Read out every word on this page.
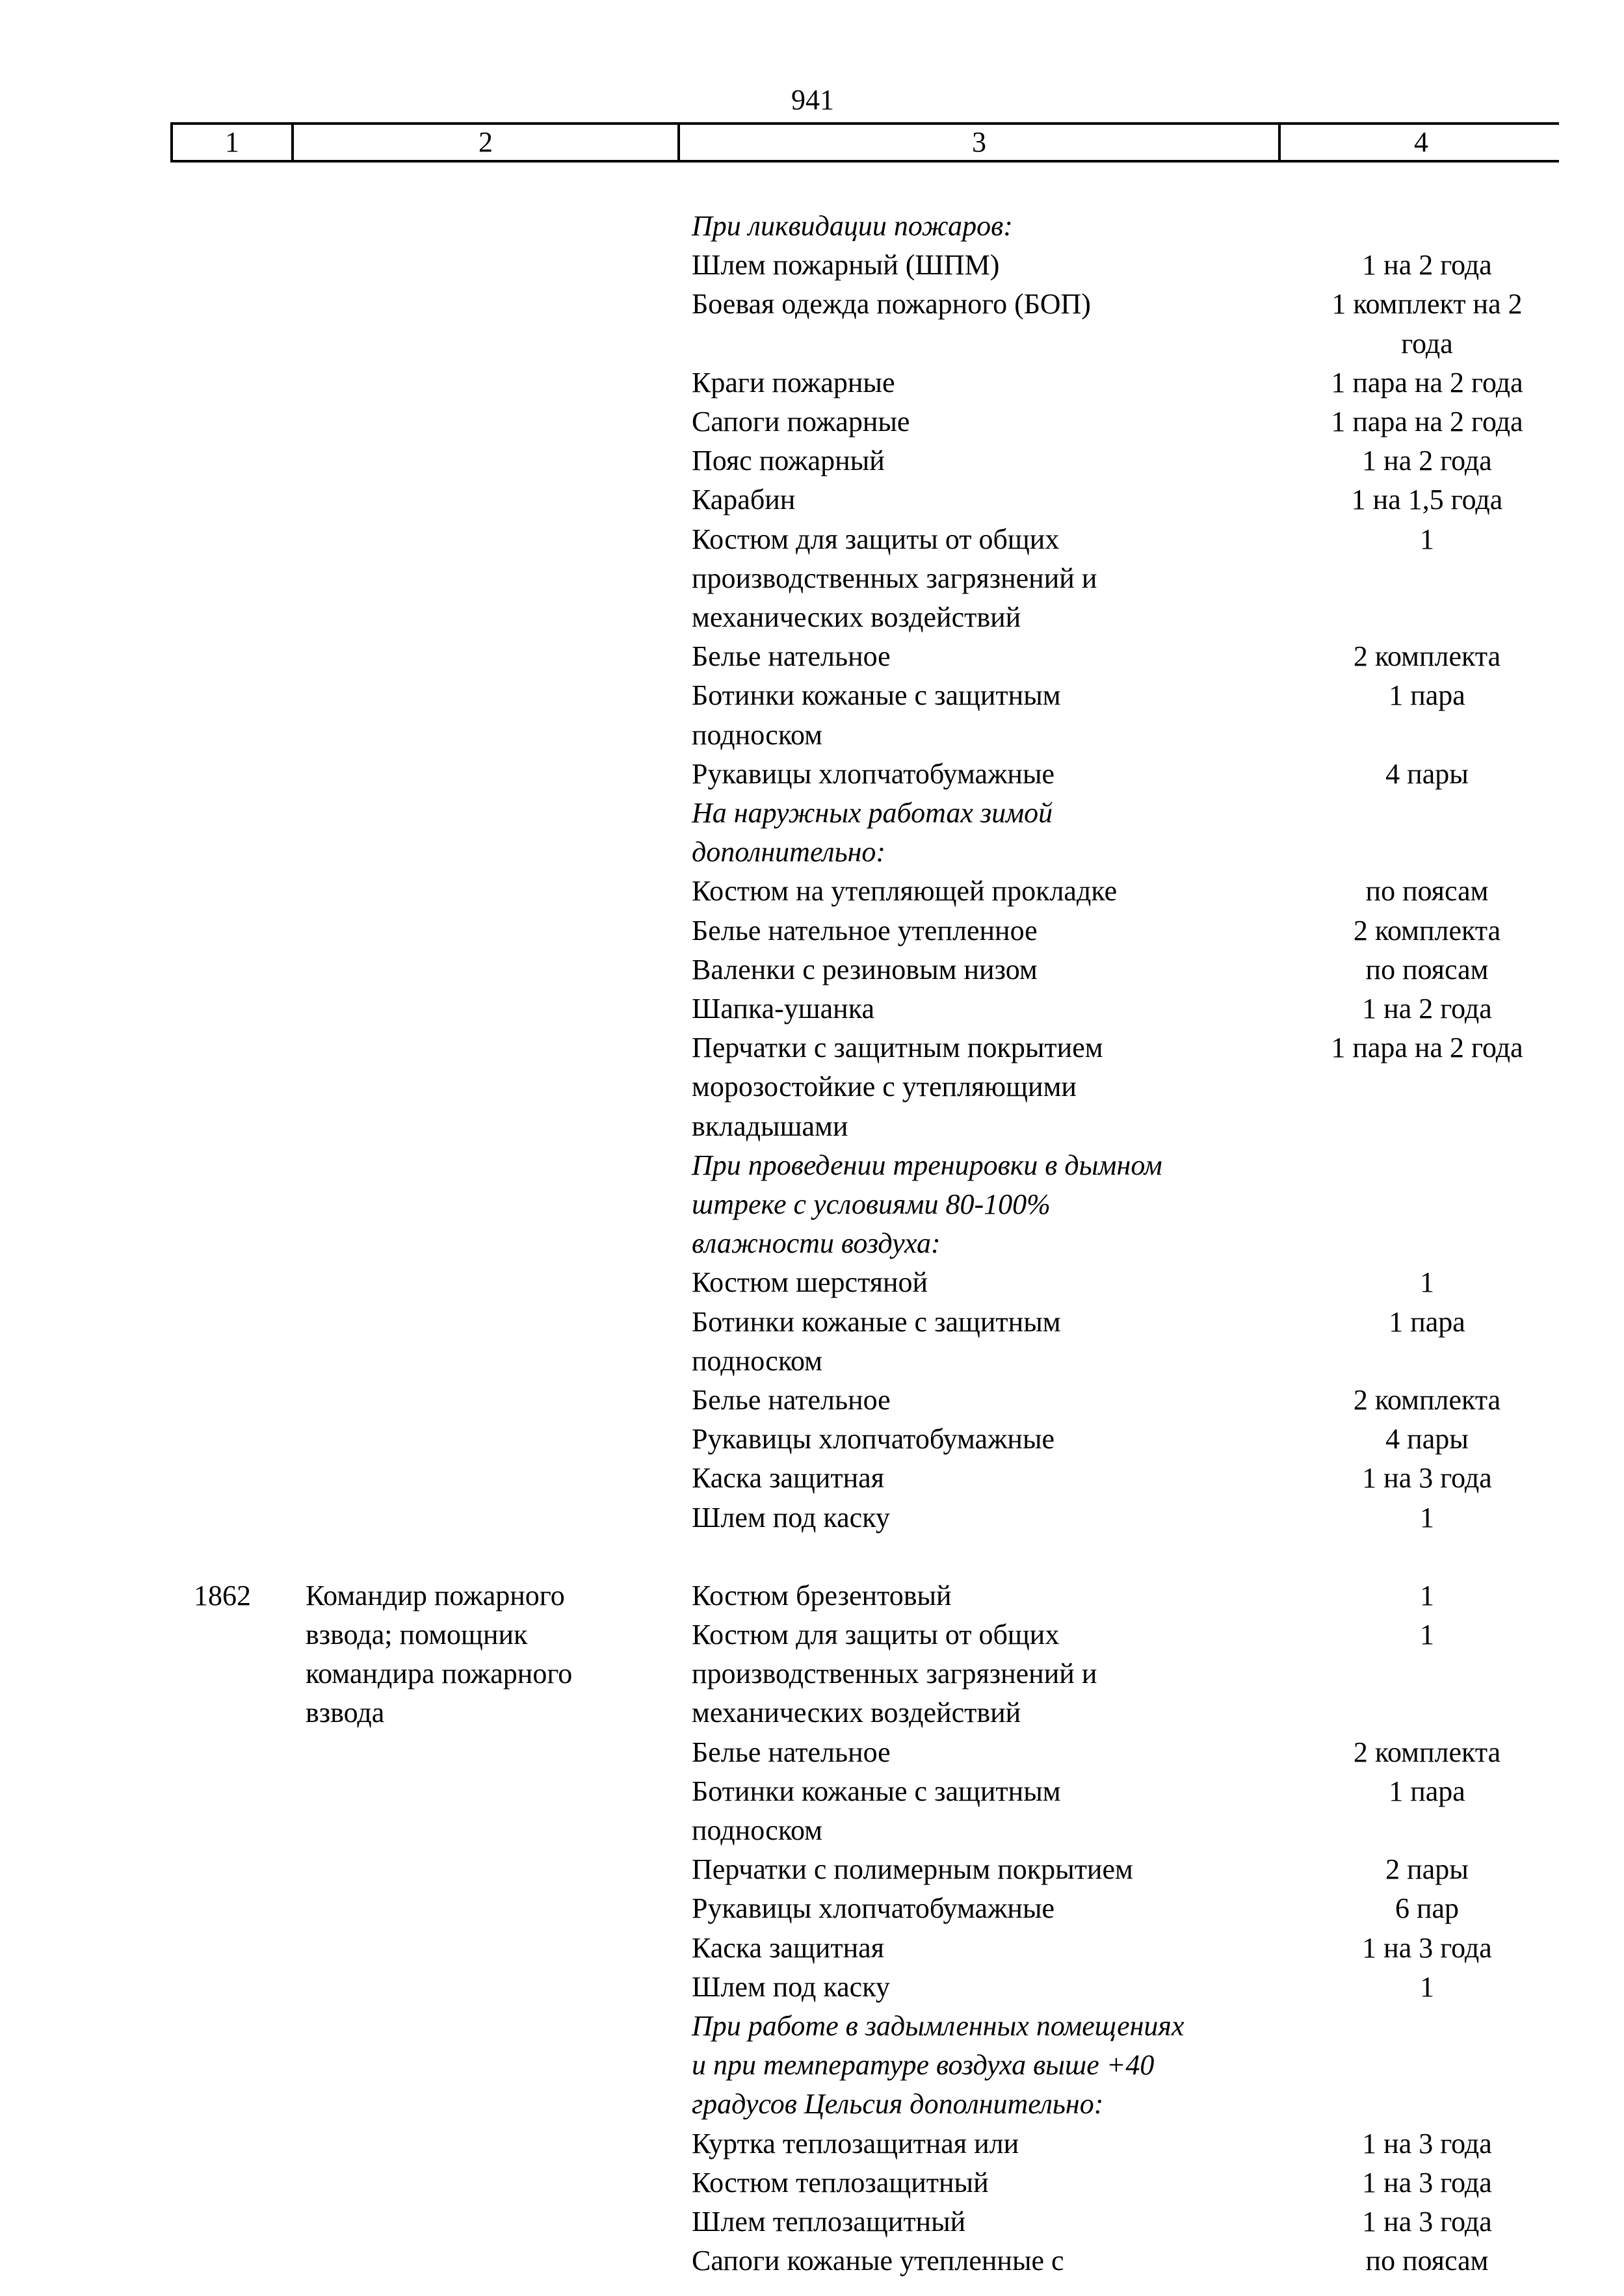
941
1	2	3	4
При ликвидации пожаров:
Шлем пожарный (ШПМ)	1 на 2 года
Боевая одежда пожарного (БОП)	1 комплект на 2
года
Краги пожарные	1 пара на 2 года
Сапоги пожарные	1 пара на 2 года
Пояс пожарный	1 на 2 года
Карабин	1 на 1,5 года
Костюм для защиты от общих	1
производственных загрязнений и
механических воздействий
Белье нательное	2 комплекта
Ботинки кожаные с защитным	1 пара
подноском
Рукавицы хлопчатобумажные	4 пары
На наружных работах зимой
дополнительно:
Костюм на утепляющей прокладке	по поясам
Белье нательное утепленное	2 комплекта
Валенки с резиновым низом	по поясам
Шапка-ушанка	1 на 2 года
Перчатки с защитным покрытием	1 пара на 2 года
морозостойкие с утепляющими
вкладышами
При проведении тренировки в дымном
штреке с условиями 80-100%
влажности воздуха:
Костюм шерстяной	1
Ботинки кожаные с защитным	1 пара
подноском
Белье нательное	2 комплекта
Рукавицы хлопчатобумажные	4 пары
Каска защитная	1 на 3 года
Шлем под каску	1
1862	Командир пожарного	Костюм брезентовый	1
взвода; помощник	Костюм для защиты от общих	1
командира пожарного	производственных загрязнений и
взвода	механических воздействий
Белье нательное	2 комплекта
Ботинки кожаные с защитным	1 пара
подноском
Перчатки с полимерным покрытием	2 пары
Рукавицы хлопчатобумажные	6 пар
Каска защитная	1 на 3 года
Шлем под каску	1
При работе в задымленных помещениях
и при температуре воздуха выше +40
градусов Цельсия дополнительно:
Куртка теплозащитная или	1 на 3 года
Костюм теплозащитный	1 на 3 года
Шлем теплозащитный	1 на 3 года
Сапоги кожаные утепленные с	по поясам
